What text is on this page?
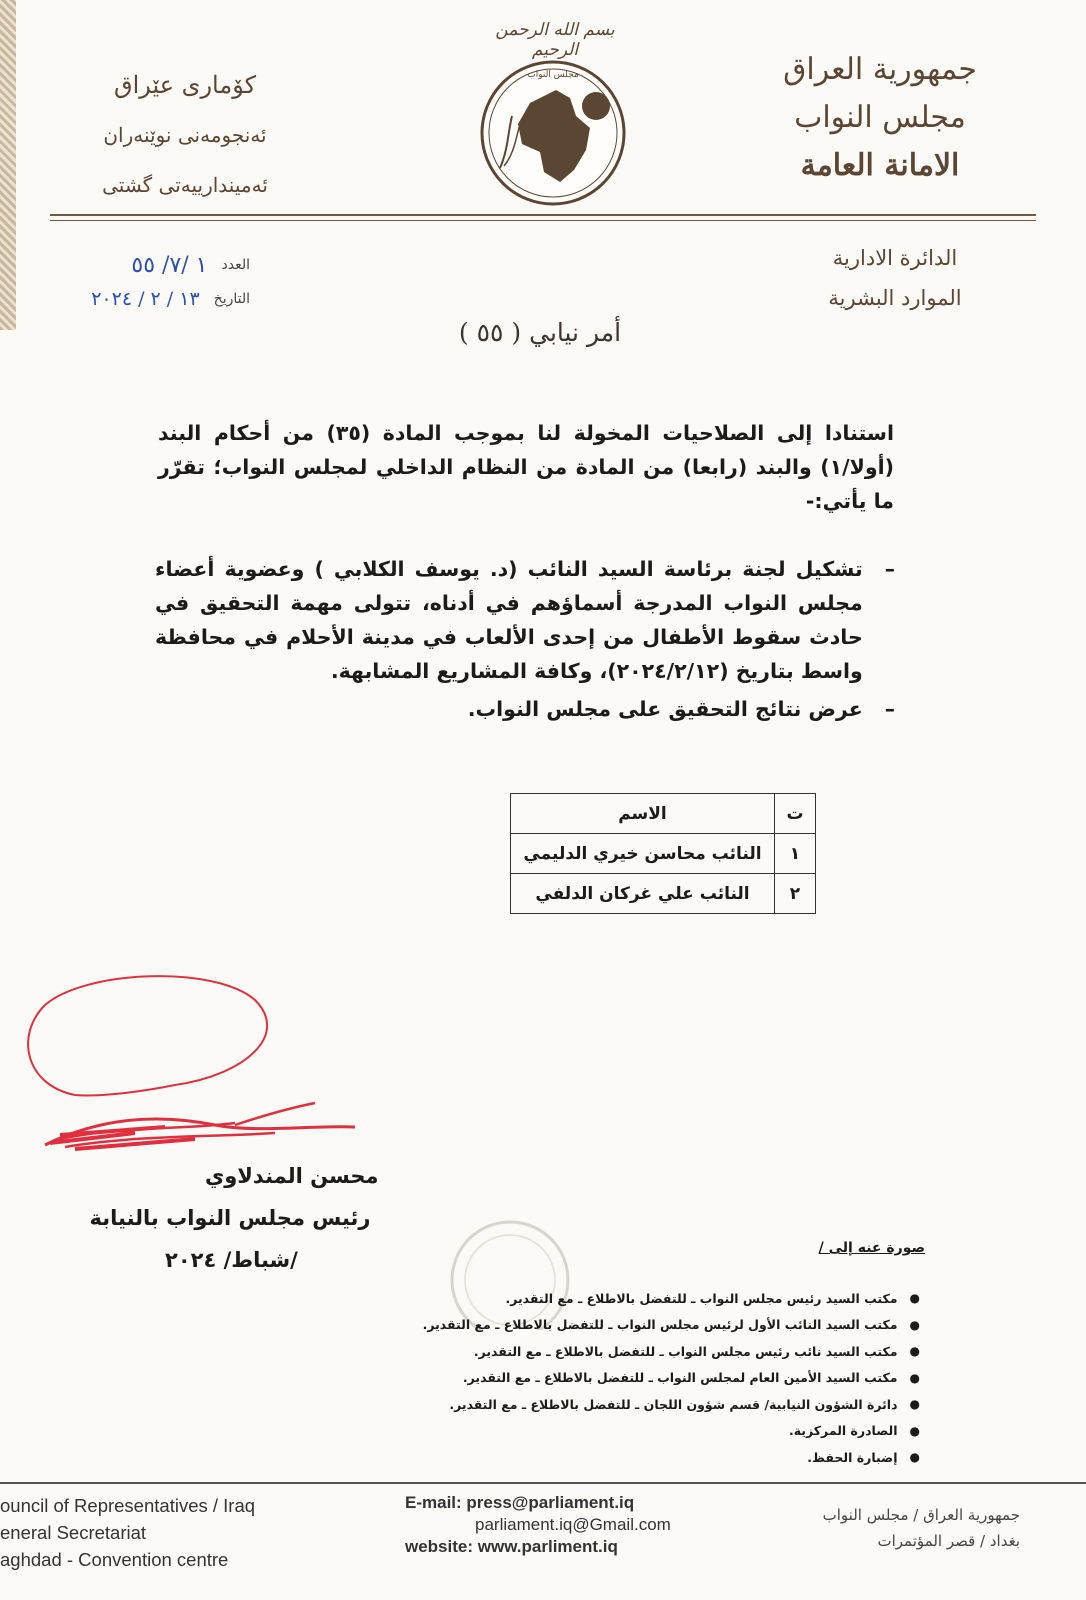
بسم الله الرحمن الرحيم
مجلس النواب	جمهورية العراق
مجلس النواب
الامانة العامة
كۆماری عێراق
ئەنجومەنی نوێنەران
ئەمیندارییەتی گشتی
الدائرة الادارية
الموارد البشرية
العدد
١ /٧/ ٥٥
التاريخ
١٣ / ٢ / ٢٠٢٤
أمر نيابي ( ٥٥ )
استنادا إلى الصلاحيات المخولة لنا بموجب المادة (٣٥) من أحكام البند (أولا/١) والبند (رابعا) من المادة من النظام الداخلي لمجلس النواب؛ تقرّر ما يأتي:-
–
تشكيل لجنة برئاسة السيد النائب (د. يوسف الكلابي ) وعضوية أعضاء مجلس النواب المدرجة أسماؤهم في أدناه، تتولى مهمة التحقيق في حادث سقوط الأطفال من إحدى الألعاب في مدينة الأحلام في محافظة واسط بتاريخ (٢٠٢٤/٢/١٢)، وكافة المشاريع المشابهة.
–
عرض نتائج التحقيق على مجلس النواب.
ت	الاسم
١	النائب محاسن خيري الدليمي
٢	النائب علي غركان الدلفي
محسن المندلاوي
رئيس مجلس النواب بالنيابة
/شباط/ ٢٠٢٤	صورة عنه إلى /
●
مكتب السيد رئيس مجلس النواب ـ للتفضل بالاطلاع ـ مع التقدير.
●
مكتب السيد النائب الأول لرئيس مجلس النواب ـ للتفضل بالاطلاع ـ مع التقدير.
●
مكتب السيد نائب رئيس مجلس النواب ـ للتفضل بالاطلاع ـ مع التقدير.
●
مكتب السيد الأمين العام لمجلس النواب ـ للتفضل بالاطلاع ـ مع التقدير.
●
دائرة الشؤون النيابية/ قسم شؤون اللجان ـ للتفضل بالاطلاع ـ مع التقدير.
●
الصادرة المركزية.
●
إضبارة الحفظ.
ouncil of Representatives / Iraq
eneral Secretariat
aghdad - Convention centre
E-mail: press@parliament.iq
parliament.iq@Gmail.com
website: www.parliment.iq
جمهورية العراق / مجلس النواب
بغداد / قصر المؤتمرات
